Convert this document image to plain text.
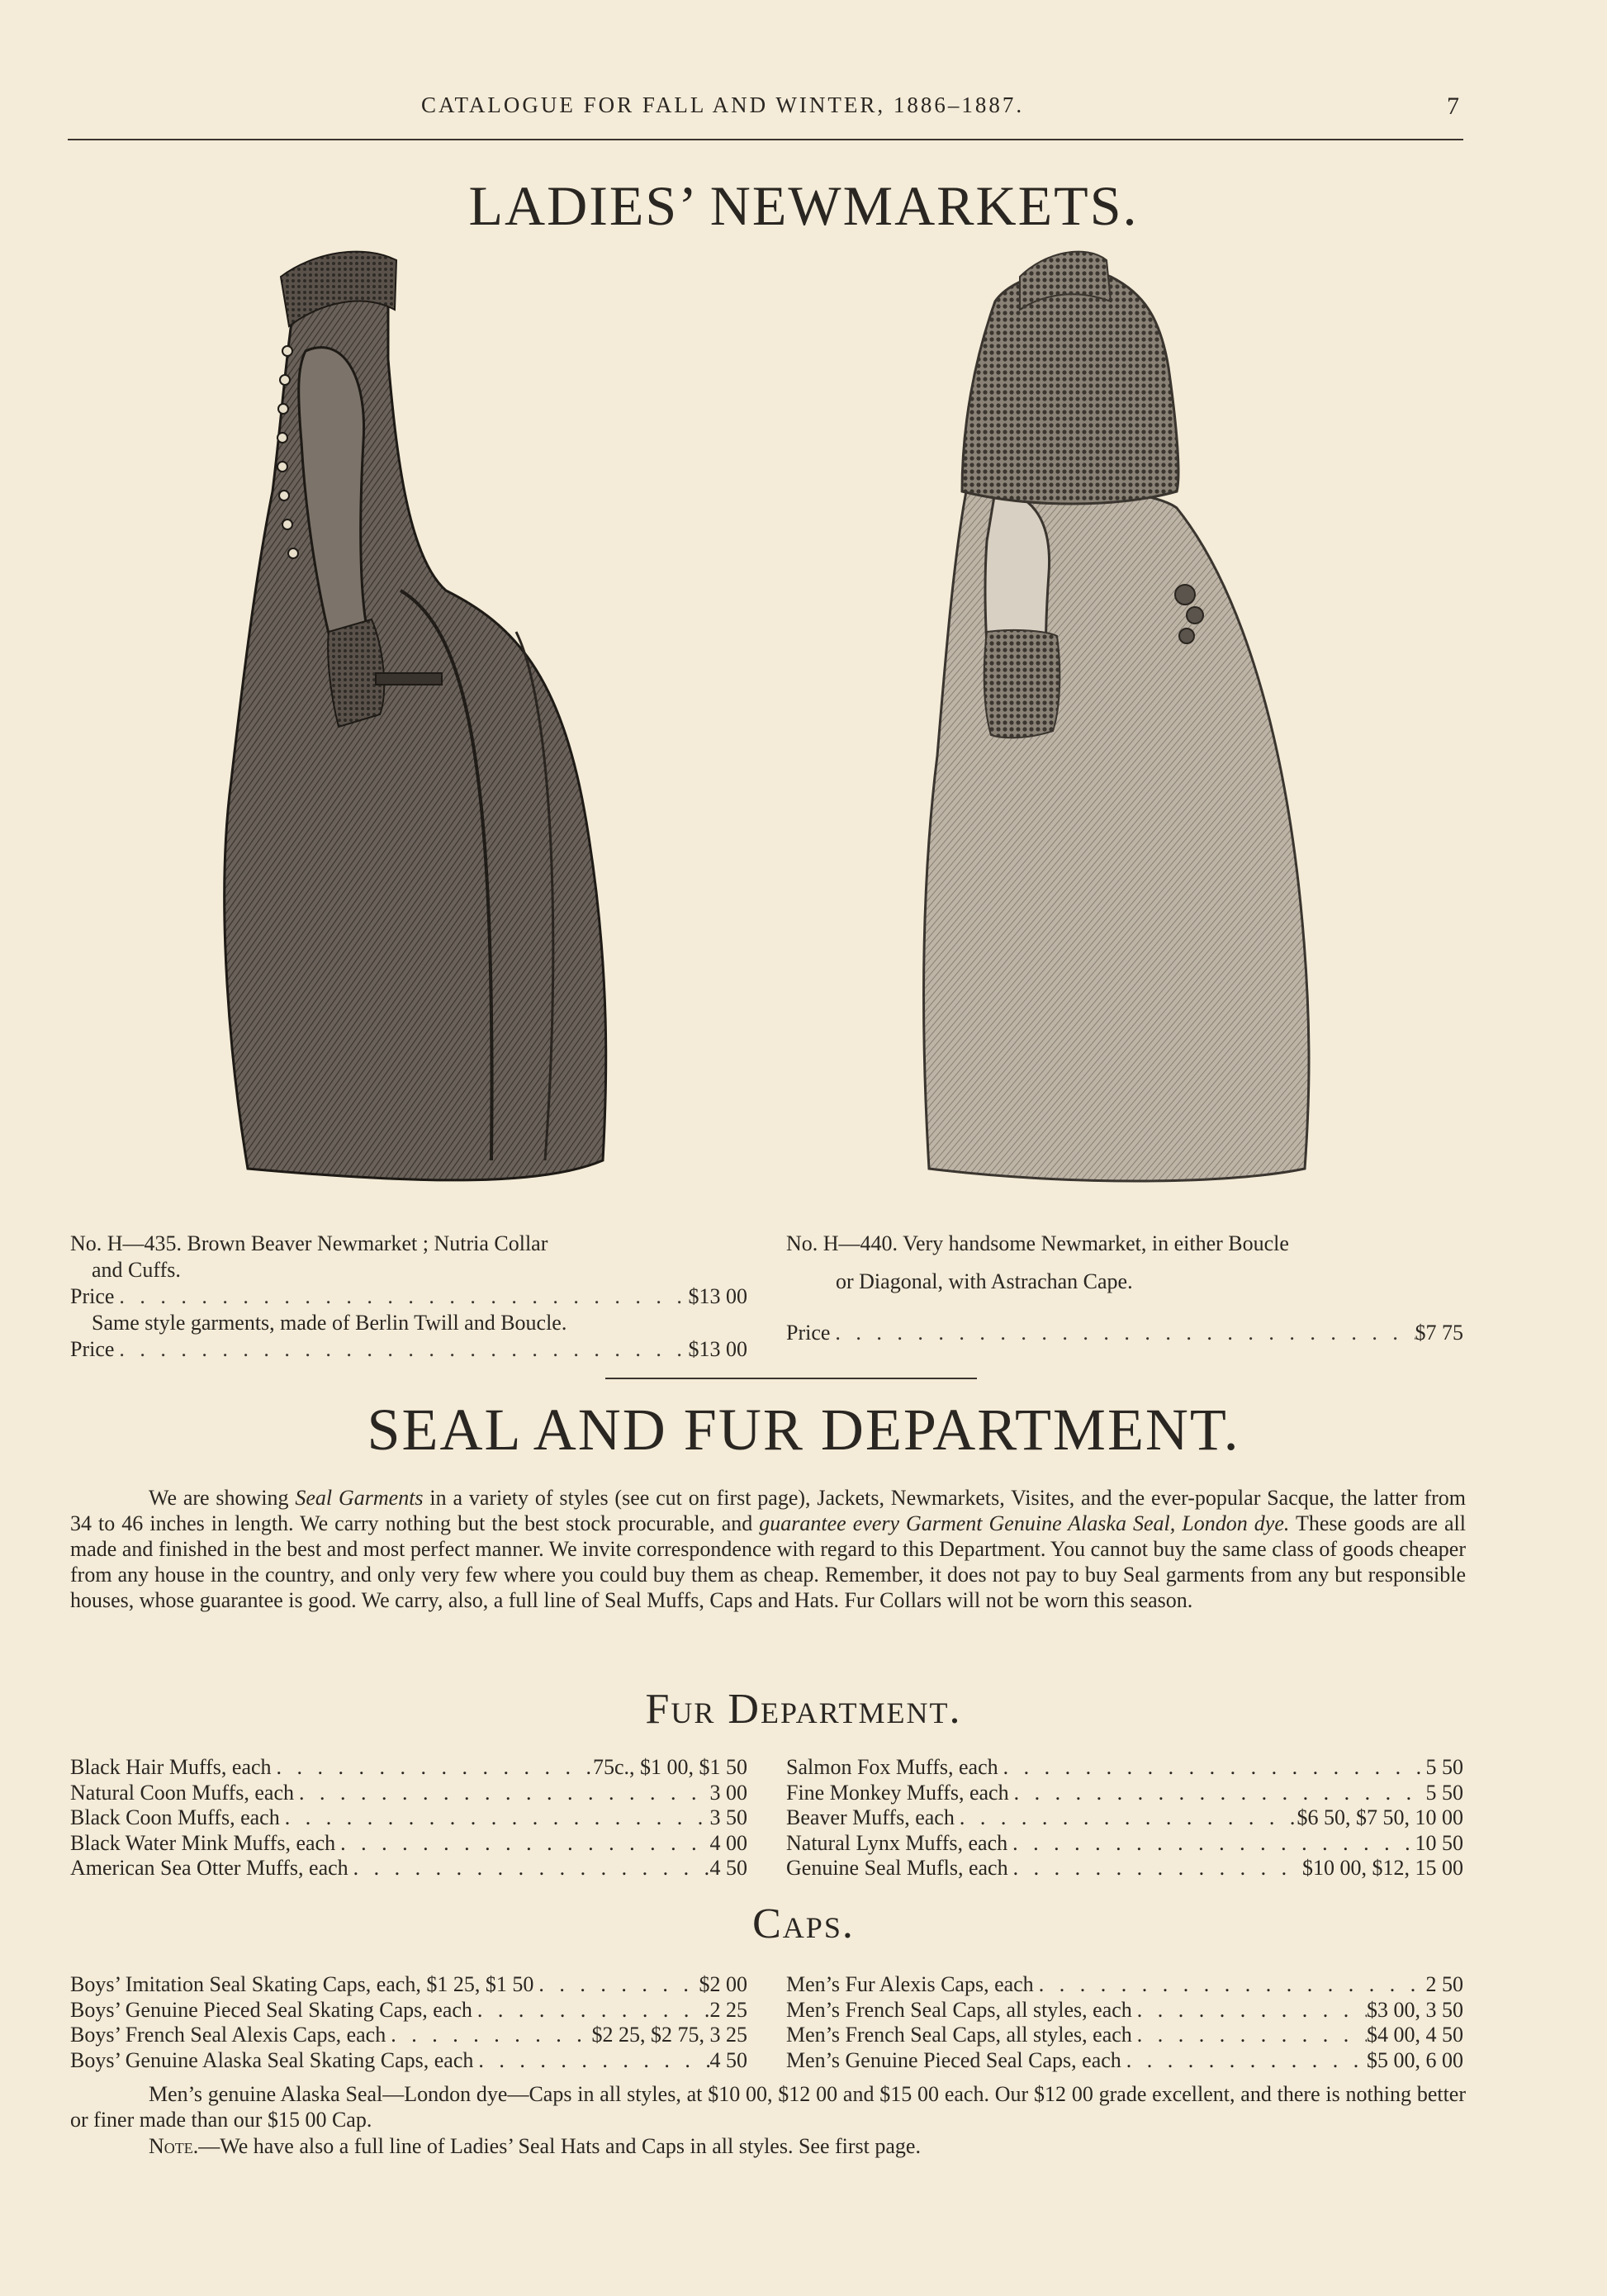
CATALOGUE FOR FALL AND WINTER, 1886–1887.	7
LADIES’ NEWMARKETS.
No. H—435. Brown Beaver Newmarket ; Nutria Collar
and Cuffs.
Price . . .	$13 00
Same style garments, made of Berlin Twill and Boucle.
Price . . .	$13 00
No. H—440. Very handsome Newmarket, in either Boucle
or Diagonal, with Astrachan Cape.
Price . . .	$7 75
SEAL AND FUR DEPARTMENT.

We are showing Seal Garments in a variety of styles (see cut on first page), Jackets, Newmarkets, Visites, and the ever-popular Sacque, the latter from 34 to 46 inches in length. We carry nothing but the best stock procurable, and guarantee every Garment Genuine Alaska Seal, London dye. These goods are all made and finished in the best and most perfect manner. We invite correspondence with regard to this Department. You cannot buy the same class of goods cheaper from any house in the country, and only very few where you could buy them as cheap. Remember, it does not pay to buy Seal garments from any but responsible houses, whose guarantee is good. We carry, also, a full line of Seal Muffs, Caps and Hats. Fur Collars will not be worn this season.

Fur Department.
Black Hair Muffs, each . . .	75c., $1 00, $1 50
Natural Coon Muffs, each . . .	3 00
Black Coon Muffs, each . . .	3 50
Black Water Mink Muffs, each . . .	4 00
American Sea Otter Muffs, each . . .	4 50
Salmon Fox Muffs, each . . .	5 50
Fine Monkey Muffs, each . . .	5 50
Beaver Muffs, each . . .	$6 50, $7 50, 10 00
Natural Lynx Muffs, each . . .	10 50
Genuine Seal Mufls, each . . .	$10 00, $12, 15 00
Caps.
Boys’ Imitation Seal Skating Caps, each, $1 25, $1 50 . . .	$2 00
Boys’ Genuine Pieced Seal Skating Caps, each . . .	2 25
Boys’ French Seal Alexis Caps, each . . .	$2 25, $2 75, 3 25
Boys’ Genuine Alaska Seal Skating Caps, each . . .	4 50
Men’s Fur Alexis Caps, each . . .	2 50
Men’s French Seal Caps, all styles, each . . .	$3 00, 3 50
Men’s French Seal Caps, all styles, each . . .	$4 00, 4 50
Men’s Genuine Pieced Seal Caps, each . . .	$5 00, 6 00

Men’s genuine Alaska Seal—London dye—Caps in all styles, at $10 00, $12 00 and $15 00 each. Our $12 00 grade excellent, and there is nothing better or finer made than our $15 00 Cap.

Note.—We have also a full line of Ladies’ Seal Hats and Caps in all styles. See first page.
